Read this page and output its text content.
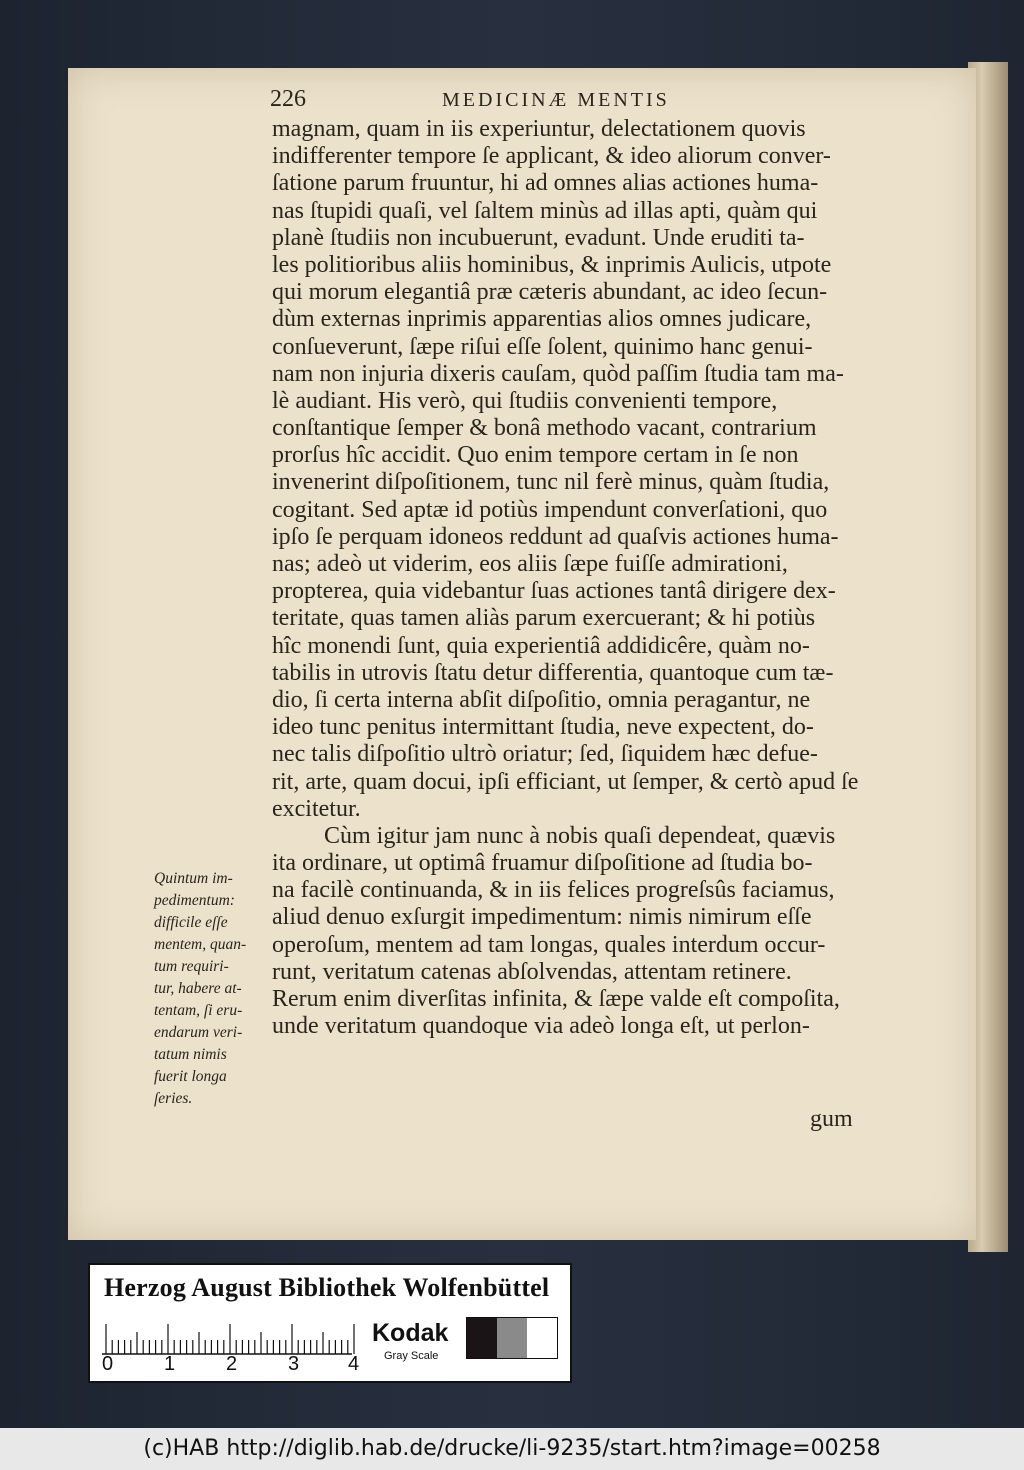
226	MEDICINÆ MENTIS
magnam, quam in iis experiuntur, delectationem quovis
indifferenter tempore ſe applicant, & ideo aliorum conver-
ſatione parum fruuntur, hi ad omnes alias actiones huma-
nas ſtupidi quaſi, vel ſaltem minùs ad illas apti, quàm qui
planè ſtudiis non incubuerunt, evadunt. Unde eruditi ta-
les politioribus aliis hominibus, & inprimis Aulicis, utpote
qui morum elegantiâ præ cæteris abundant, ac ideo ſecun-
dùm externas inprimis apparentias alios omnes judicare,
conſueverunt, ſæpe riſui eſſe ſolent, quinimo hanc genui-
nam non injuria dixeris cauſam, quòd paſſim ſtudia tam ma-
lè audiant. His verò, qui ſtudiis convenienti tempore,
conſtantique ſemper & bonâ methodo vacant, contrarium
prorſus hîc accidit. Quo enim tempore certam in ſe non
invenerint diſpoſitionem, tunc nil ferè minus, quàm ſtudia,
cogitant. Sed aptæ id potiùs impendunt converſationi, quo
ipſo ſe perquam idoneos reddunt ad quaſvis actiones huma-
nas; adeò ut viderim, eos aliis ſæpe fuiſſe admirationi,
propterea, quia videbantur ſuas actiones tantâ dirigere dex-
teritate, quas tamen aliàs parum exercuerant; & hi potiùs
hîc monendi ſunt, quia experientiâ addidicêre, quàm no-
tabilis in utrovis ſtatu detur differentia, quantoque cum tæ-
dio, ſi certa interna abſit diſpoſitio, omnia peragantur, ne
ideo tunc penitus intermittant ſtudia, neve expectent, do-
nec talis diſpoſitio ultrò oriatur; ſed, ſiquidem hæc defue-
rit, arte, quam docui, ipſi efficiant, ut ſemper, & certò apud ſe
excitetur.
Cùm igitur jam nunc à nobis quaſi dependeat, quævis
ita ordinare, ut optimâ fruamur diſpoſitione ad ſtudia bo-
na facilè continuanda, & in iis felices progreſsûs faciamus,
aliud denuo exſurgit impedimentum: nimis nimirum eſſe
operoſum, mentem ad tam longas, quales interdum occur-
runt, veritatum catenas abſolvendas, attentam retinere.
Rerum enim diverſitas infinita, & ſæpe valde eſt compoſita,
unde veritatum quandoque via adeò longa eſt, ut perlon-
gum
Quintum im-
pedimentum:
difficile eſſe
mentem, quan-
tum requiri-
tur, habere at-
tentam, ſi eru-
endarum veri-
tatum nimis
fuerit longa
ſeries.
Herzog August Bibliothek Wolfenbüttel
0	1	2	3 4
Kodak
Gray Scale
(c)HAB http://diglib.hab.de/drucke/li-9235/start.htm?image=00258
